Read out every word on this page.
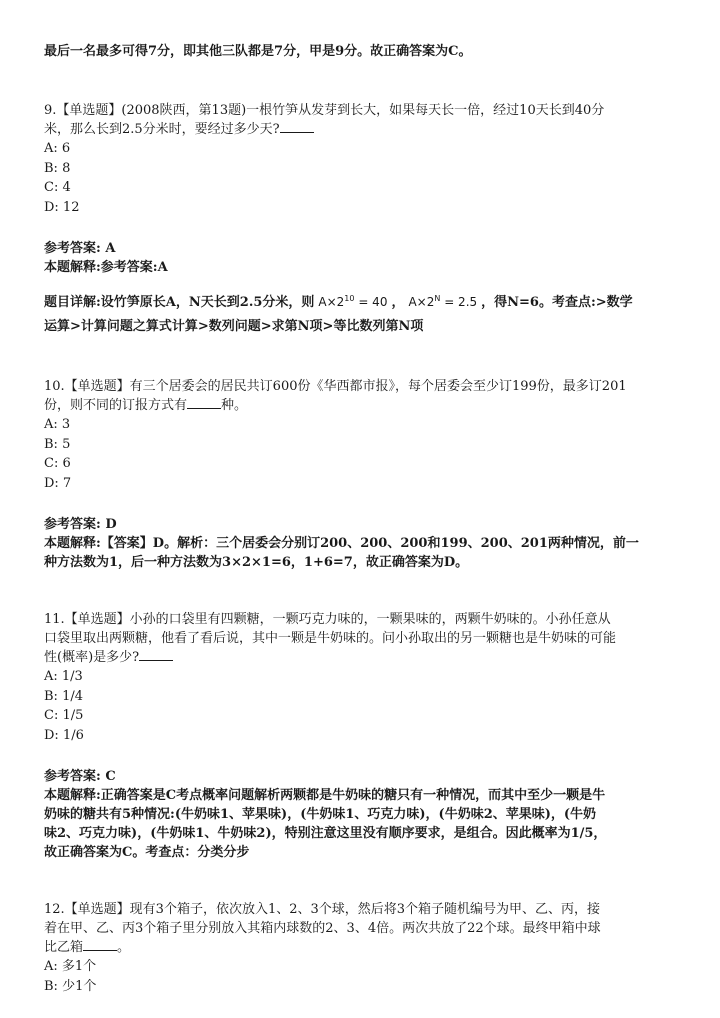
最后一名最多可得7分，即其他三队都是7分，甲是9分。故正确答案为C。
9.【单选题】(2008陕西，第13题)一根竹笋从发芽到长大，如果每天长一倍，经过10天长到40分
米，那么长到2.5分米时，要经过多少天?
A: 6
B: 8
C: 4
D: 12
参考答案: A
本题解释:参考答案:A
题目详解:设竹笋原长A，N天长到2.5分米，则 $A\times 2^{10} = 40$ ， $A\times 2^N = 2.5$ ，得N=6。考查点:>数学
运算>计算问题之算式计算>数列问题>求第N项>等比数列第N项
10.【单选题】有三个居委会的居民共订600份《华西都市报》，每个居委会至少订199份，最多订201
份，则不同的订报方式有	种。
A: 3
B: 5
C: 6
D: 7
参考答案: D
本题解释:【答案】D。解析：三个居委会分别订200、200、200和199、200、201两种情况，前一
种方法数为1，后一种方法数为3×2×1=6，1+6=7，故正确答案为D。
11.【单选题】小孙的口袋里有四颗糖，一颗巧克力味的，一颗果味的，两颗牛奶味的。小孙任意从
口袋里取出两颗糖，他看了看后说，其中一颗是牛奶味的。问小孙取出的另一颗糖也是牛奶味的可能
性(概率)是多少?
A: 1/3
B: 1/4
C: 1/5
D: 1/6
参考答案: C
本题解释:正确答案是C考点概率问题解析两颗都是牛奶味的糖只有一种情况，而其中至少一颗是牛
奶味的糖共有5种情况:(牛奶味1、苹果味)，(牛奶味1、巧克力味)，(牛奶味2、苹果味)，(牛奶
味2、巧克力味)，(牛奶味1、牛奶味2)，特别注意这里没有顺序要求，是组合。因此概率为1/5，
故正确答案为C。考查点：分类分步
12.【单选题】现有3个箱子，依次放入1、2、3个球，然后将3个箱子随机编号为甲、乙、丙，接
着在甲、乙、丙3个箱子里分别放入其箱内球数的2、3、4倍。两次共放了22个球。最终甲箱中球
比乙箱	。
A: 多1个
B: 少1个
